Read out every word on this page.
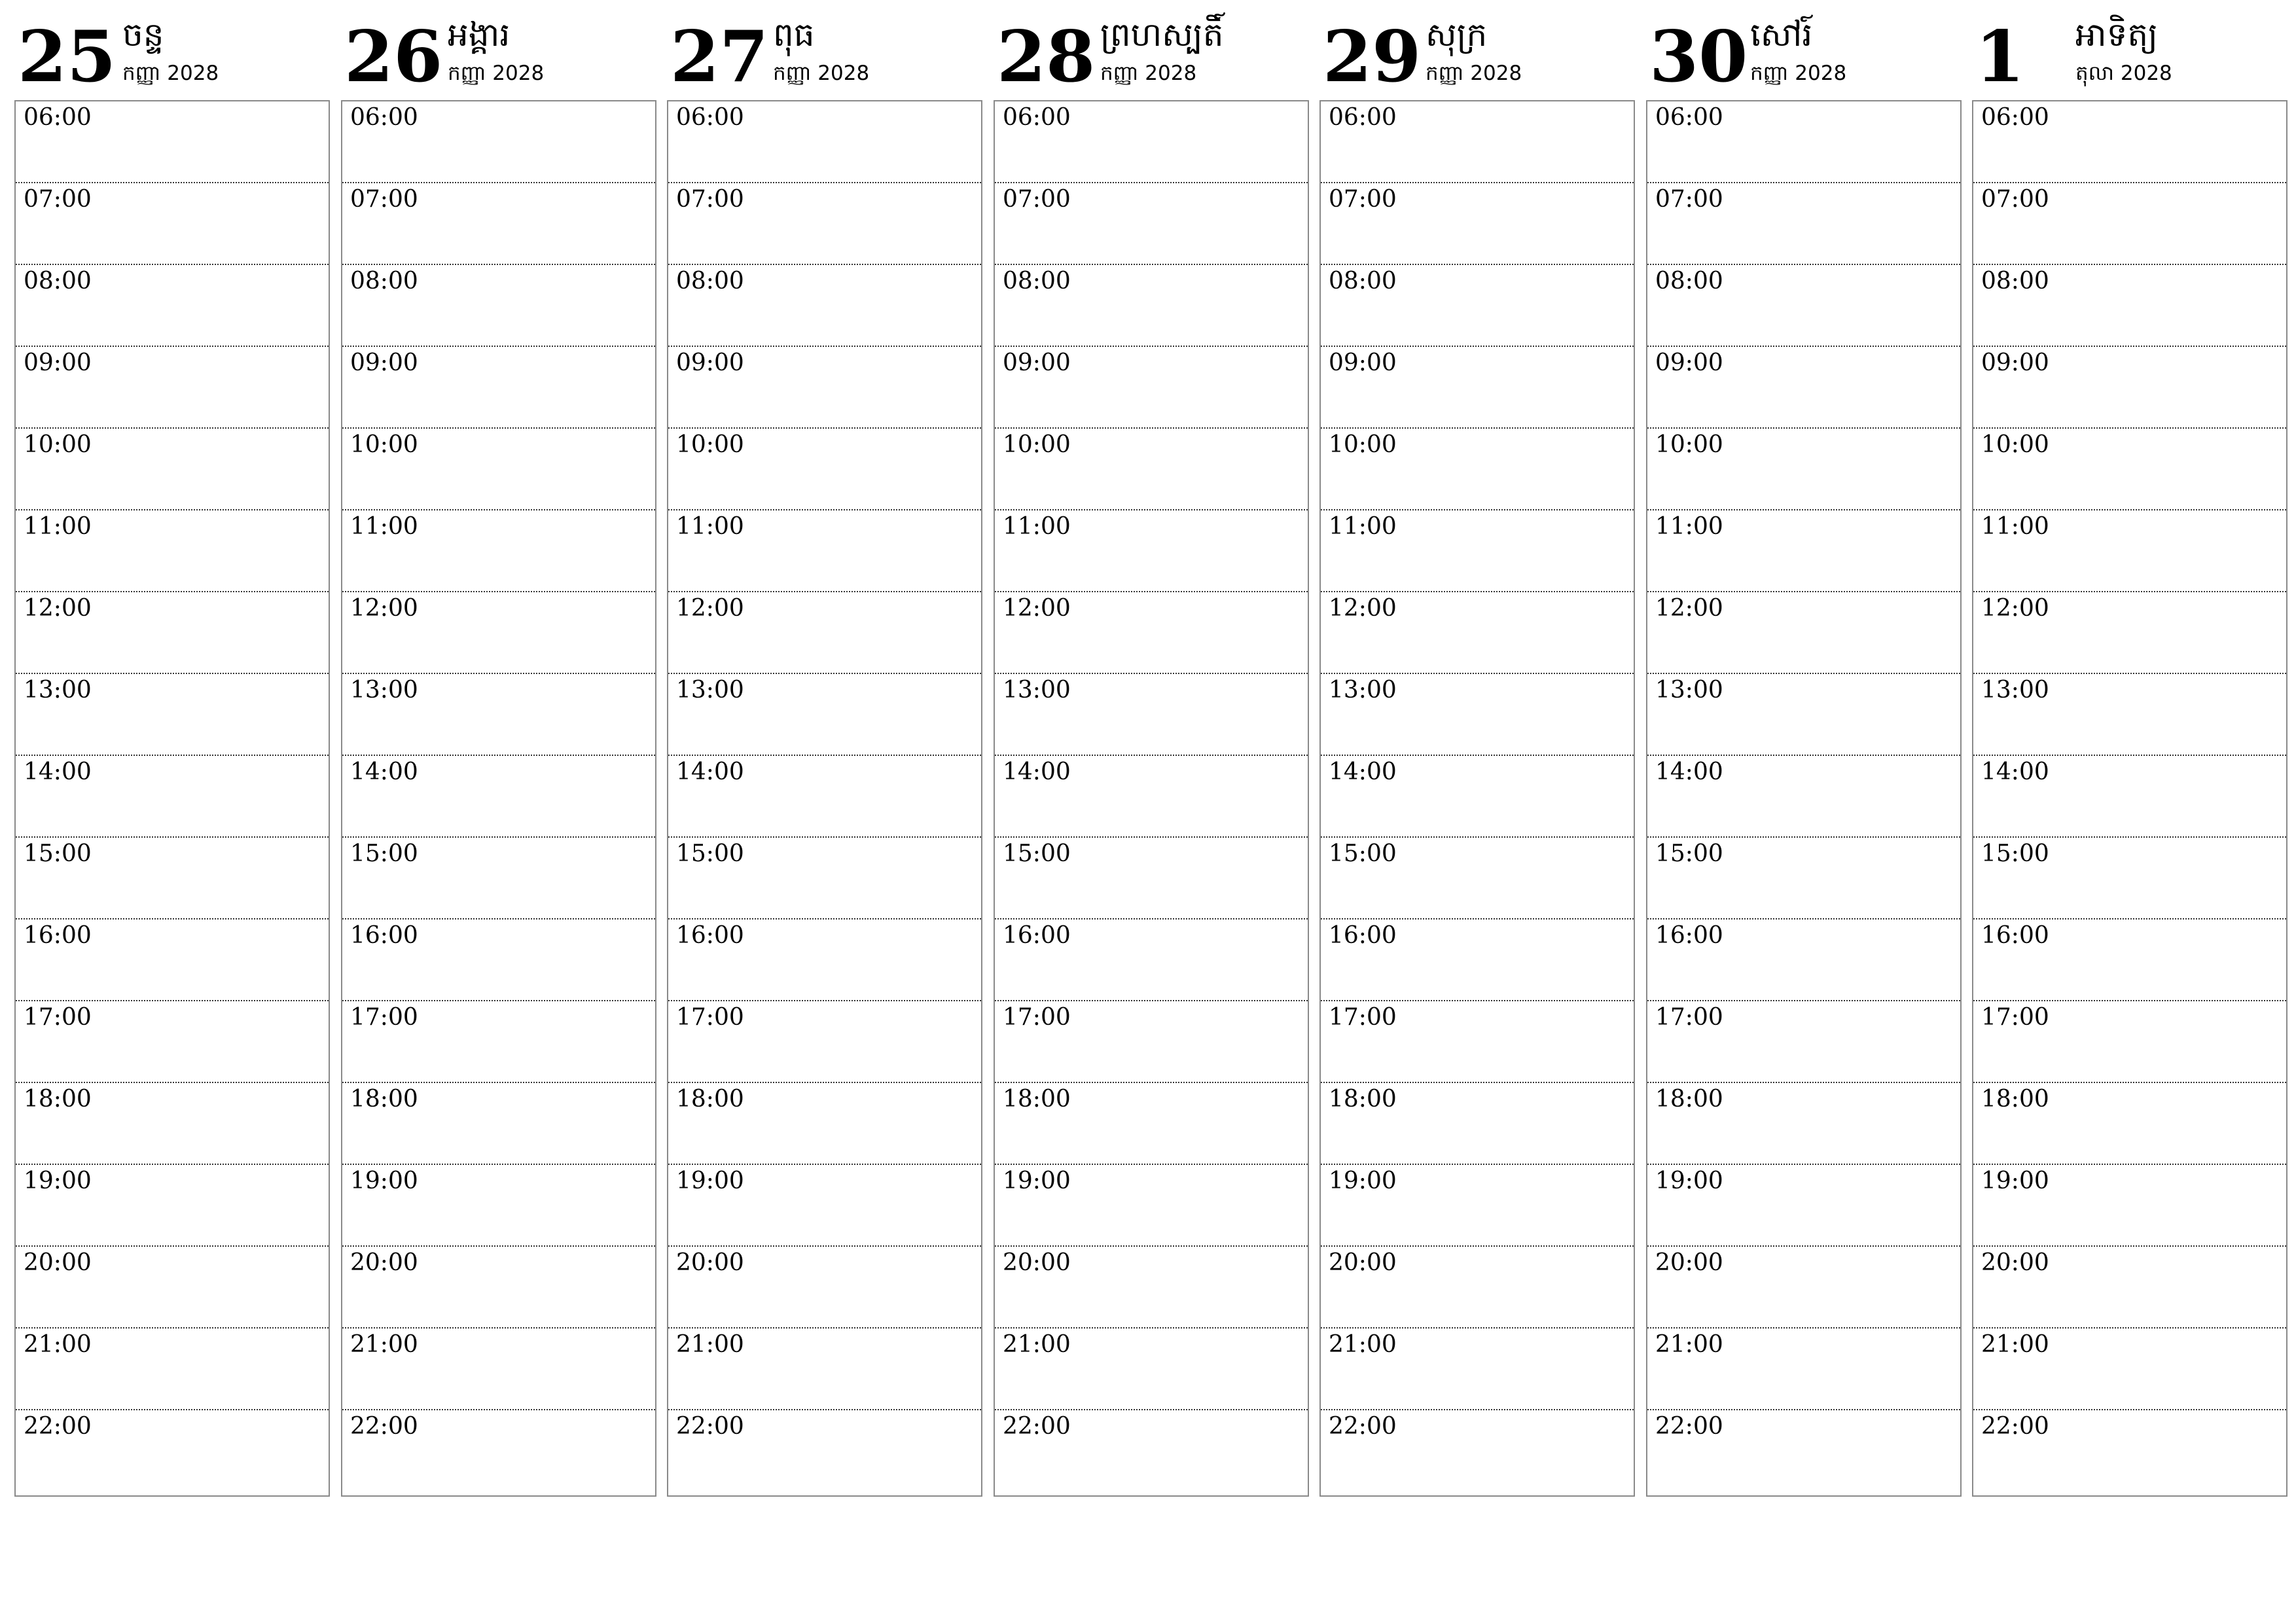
25 ចន្ទ
កញ្ញា 2028
06:00
07:00
08:00
09:00
10:00
11:00
12:00
13:00
14:00
15:00
16:00
17:00
18:00
19:00
20:00
21:00
22:00
26 អង្គារ
កញ្ញា 2028
06:00
07:00
08:00
09:00
10:00
11:00
12:00
13:00
14:00
15:00
16:00
17:00
18:00
19:00
20:00
21:00
22:00
27 ពុធ
កញ្ញា 2028
06:00
07:00
08:00
09:00
10:00
11:00
12:00
13:00
14:00
15:00
16:00
17:00
18:00
19:00
20:00
21:00
22:00
28 ព្រហស្បតិ៍
កញ្ញា 2028
06:00
07:00
08:00
09:00
10:00
11:00
12:00
13:00
14:00
15:00
16:00
17:00
18:00
19:00
20:00
21:00
22:00
29 សុក្រ
កញ្ញា 2028
06:00
07:00
08:00
09:00
10:00
11:00
12:00
13:00
14:00
15:00
16:00
17:00
18:00
19:00
20:00
21:00
22:00
30 សៅរ៍
កញ្ញា 2028
06:00
07:00
08:00
09:00
10:00
11:00
12:00
13:00
14:00
15:00
16:00
17:00
18:00
19:00
20:00
21:00
22:00
1 អាទិត្យ
តុលា 2028
06:00
07:00
08:00
09:00
10:00
11:00
12:00
13:00
14:00
15:00
16:00
17:00
18:00
19:00
20:00
21:00
22:00
